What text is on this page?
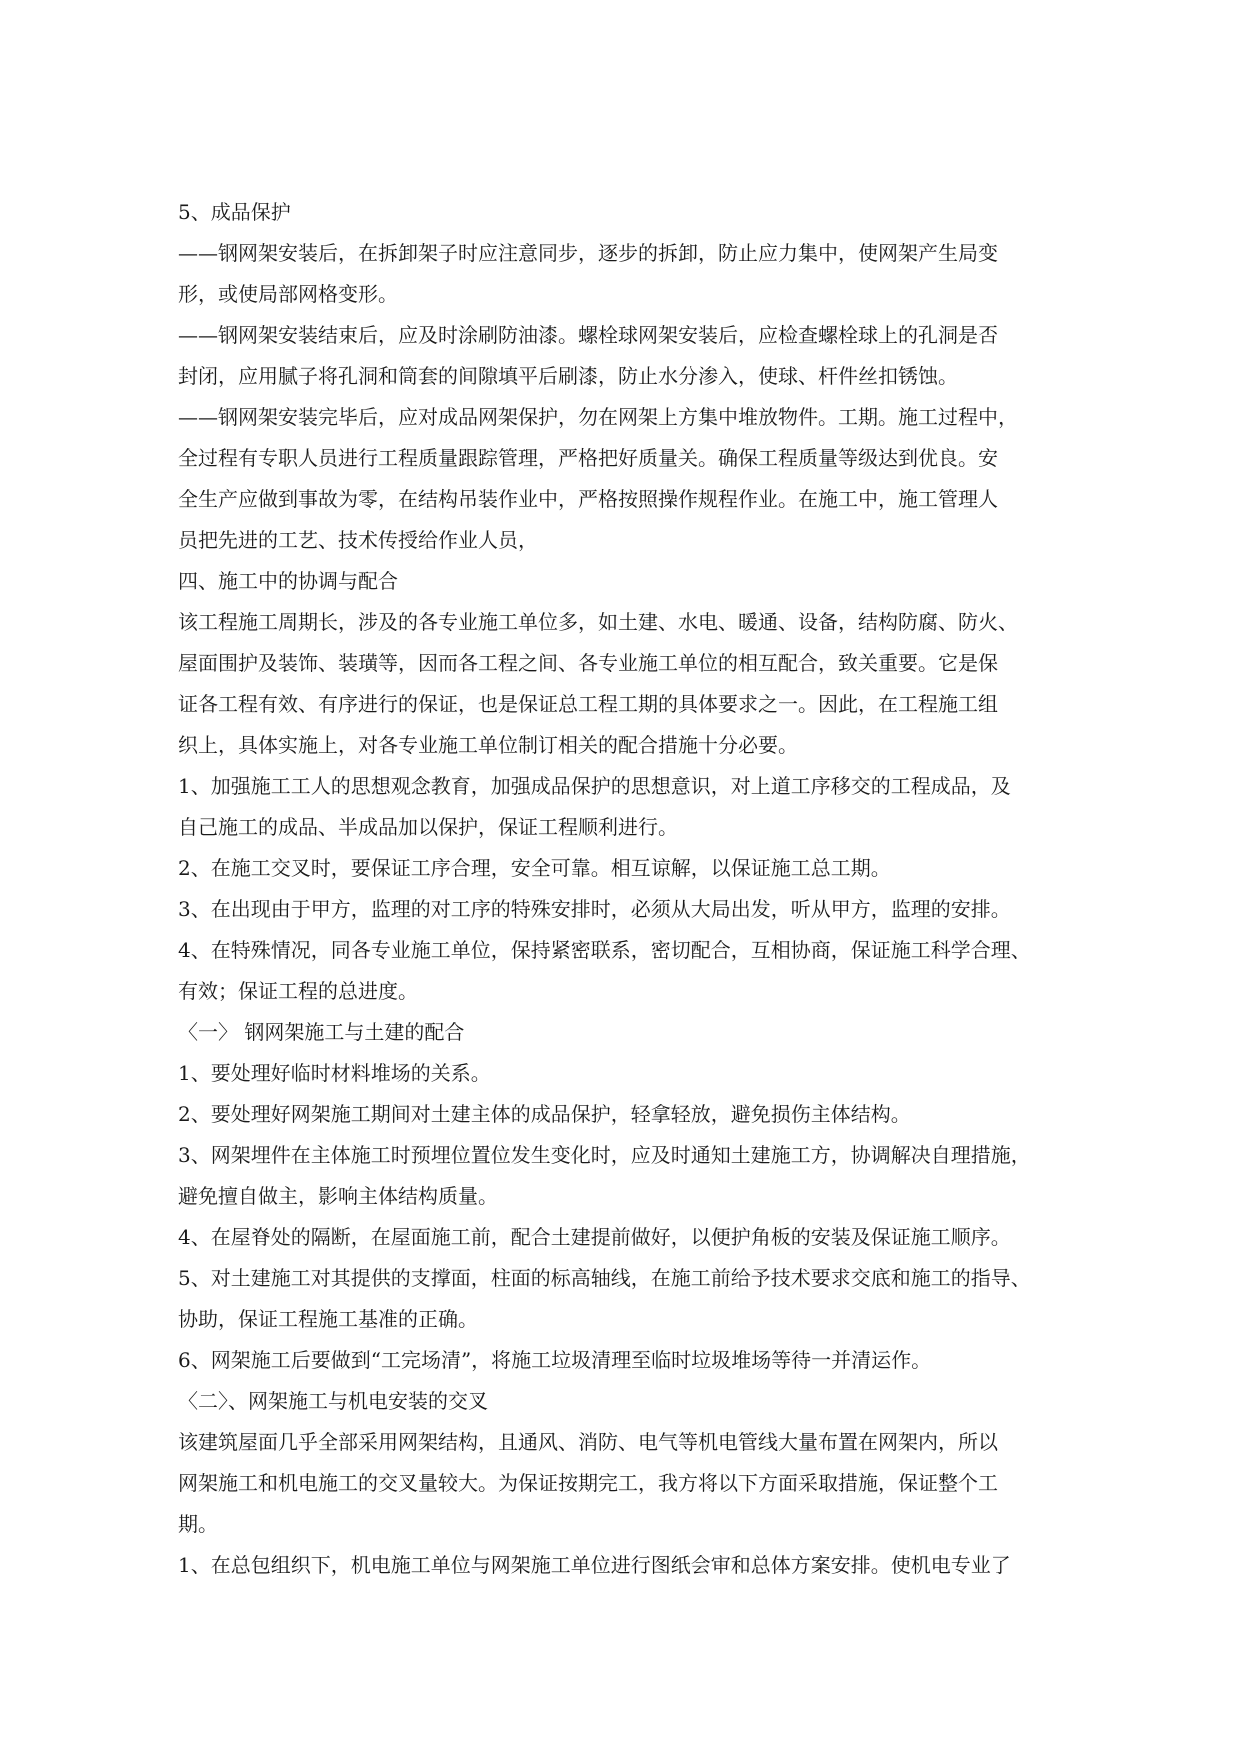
5、成品保护
——钢网架安装后，在拆卸架子时应注意同步，逐步的拆卸，防止应力集中，使网架产生局变
形，或使局部网格变形。
——钢网架安装结束后，应及时涂刷防油漆。螺栓球网架安装后，应检查螺栓球上的孔洞是否
封闭，应用腻子将孔洞和筒套的间隙填平后刷漆，防止水分渗入，使球、杆件丝扣锈蚀。
——钢网架安装完毕后，应对成品网架保护，勿在网架上方集中堆放物件。工期。施工过程中，
全过程有专职人员进行工程质量跟踪管理，严格把好质量关。确保工程质量等级达到优良。安
全生产应做到事故为零，在结构吊装作业中，严格按照操作规程作业。在施工中，施工管理人
员把先进的工艺、技术传授给作业人员，
四、施工中的协调与配合
该工程施工周期长，涉及的各专业施工单位多，如土建、水电、暖通、设备，结构防腐、防火、
屋面围护及装饰、装璜等，因而各工程之间、各专业施工单位的相互配合，致关重要。它是保
证各工程有效、有序进行的保证，也是保证总工程工期的具体要求之一。因此，在工程施工组
织上，具体实施上，对各专业施工单位制订相关的配合措施十分必要。
1、加强施工工人的思想观念教育，加强成品保护的思想意识，对上道工序移交的工程成品，及
自己施工的成品、半成品加以保护，保证工程顺利进行。
2、在施工交叉时，要保证工序合理，安全可靠。相互谅解，以保证施工总工期。
3、在出现由于甲方，监理的对工序的特殊安排时，必须从大局出发，听从甲方，监理的安排。
4、在特殊情况，同各专业施工单位，保持紧密联系，密切配合，互相协商，保证施工科学合理、
有效；保证工程的总进度。
〈一〉 钢网架施工与土建的配合
1、要处理好临时材料堆场的关系。
2、要处理好网架施工期间对土建主体的成品保护，轻拿轻放，避免损伤主体结构。
3、网架埋件在主体施工时预埋位置位发生变化时，应及时通知土建施工方，协调解决自理措施，
避免擅自做主，影响主体结构质量。
4、在屋脊处的隔断，在屋面施工前，配合土建提前做好，以便护角板的安装及保证施工顺序。
5、对土建施工对其提供的支撑面，柱面的标高轴线，在施工前给予技术要求交底和施工的指导、
协助，保证工程施工基准的正确。
6、网架施工后要做到“工完场清”，将施工垃圾清理至临时垃圾堆场等待一并清运作。
〈二〉、网架施工与机电安装的交叉
该建筑屋面几乎全部采用网架结构，且通风、消防、电气等机电管线大量布置在网架内，所以
网架施工和机电施工的交叉量较大。为保证按期完工，我方将以下方面采取措施，保证整个工
期。
1、在总包组织下，机电施工单位与网架施工单位进行图纸会审和总体方案安排。使机电专业了
